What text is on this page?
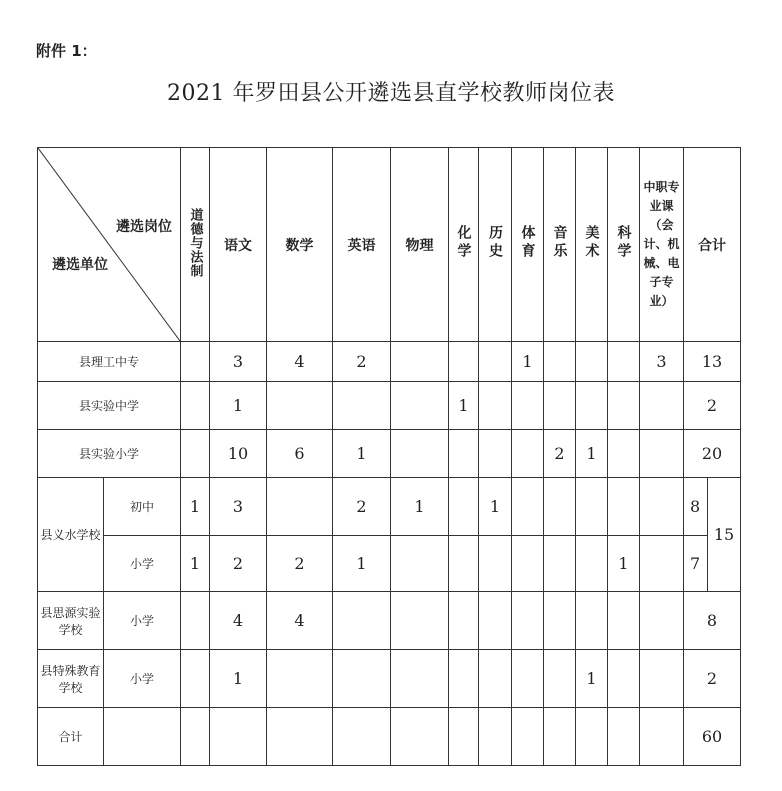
附件 1：
2021 年罗田县公开遴选县直学校教师岗位表
遴选岗位
遴选单位		道德与法制	语文	数学	英语	物理	化学	历史	体育	音乐	美术	科学	中职专业课（会计、机械、电子专业）	合计	
县理工中专			3	4	2				1				3	13	
县实验中学			1				1							2	
县实验小学			10	6	1					2	1			20	
县义水学校	初中	1	3		2	1		1						8	15
	小学	1	2	2	1							1		7	
县思源实验学校	小学		4	4										8	
县特殊教育学校	小学		1								1			2	
合计														60	
